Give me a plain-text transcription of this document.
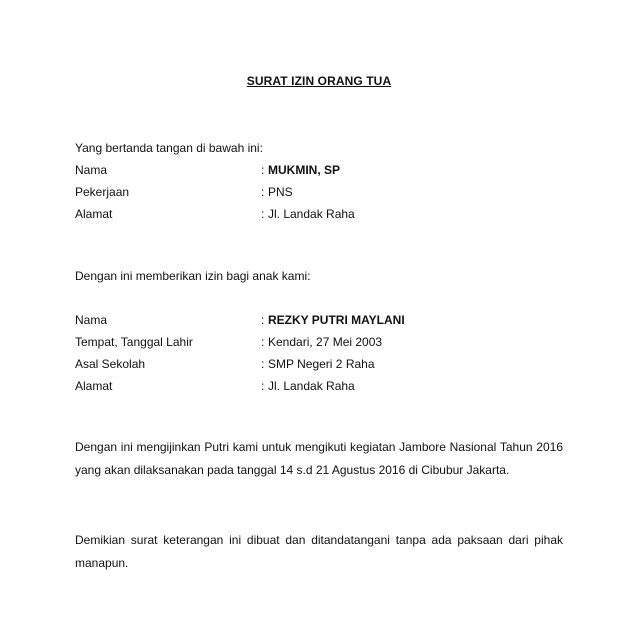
SURAT IZIN ORANG TUA
Yang bertanda tangan di bawah ini:
Nama	: MUKMIN, SP
Pekerjaan	: PNS
Alamat	: Jl. Landak Raha
Dengan ini memberikan izin bagi anak kami:
Nama	: REZKY PUTRI MAYLANI
Tempat, Tanggal Lahir	: Kendari, 27 Mei 2003
Asal Sekolah	: SMP Negeri 2 Raha
Alamat	: Jl. Landak Raha
Dengan ini mengijinkan Putri kami untuk mengikuti kegiatan Jambore Nasional Tahun 2016 yang akan dilaksanakan pada tanggal 14 s.d 21 Agustus 2016 di Cibubur Jakarta.
Demikian surat keterangan ini dibuat dan ditandatangani tanpa ada paksaan dari pihak manapun.
